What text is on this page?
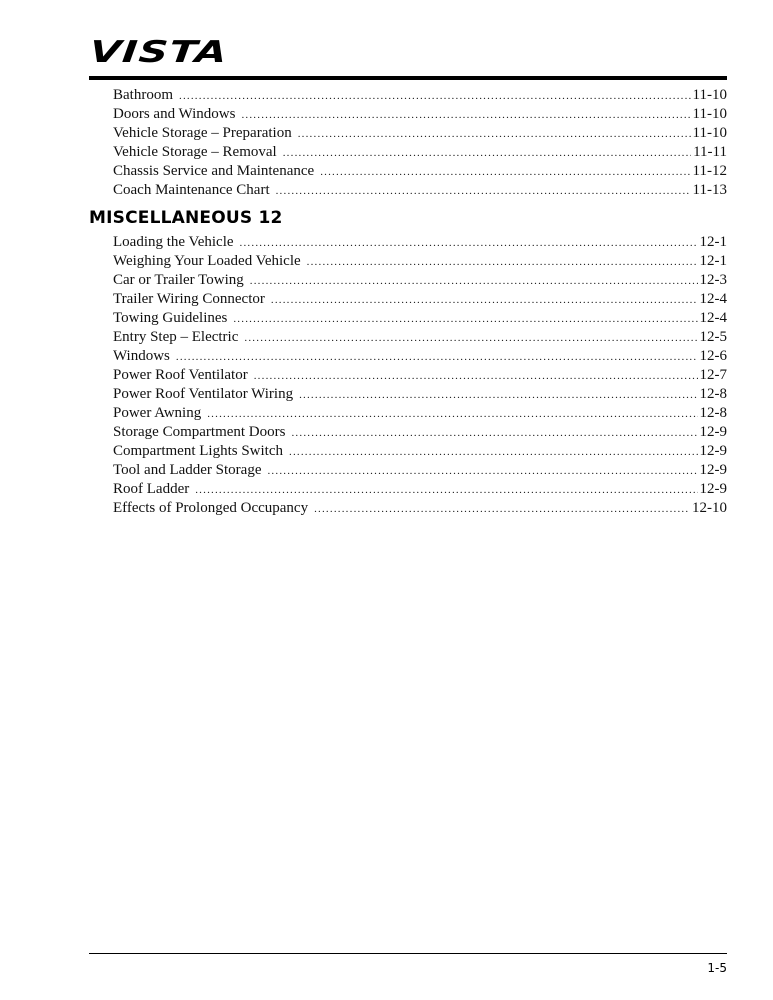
VISTA
Bathroom .....	11-10
Doors and Windows .....	11-10
Vehicle Storage – Preparation .....	11-10
Vehicle Storage – Removal .....	11-11
Chassis Service and Maintenance .....	11-12
Coach Maintenance Chart .....	11-13
MISCELLANEOUS 12
Loading the Vehicle .....	12-1
Weighing Your Loaded Vehicle .....	12-1
Car or Trailer Towing .....	12-3
Trailer Wiring Connector .....	12-4
Towing Guidelines .....	12-4
Entry Step – Electric .....	12-5
Windows .....	12-6
Power Roof Ventilator .....	12-7
Power Roof Ventilator Wiring .....	12-8
Power Awning .....	12-8
Storage Compartment Doors .....	12-9
Compartment Lights Switch .....	12-9
Tool and Ladder Storage .....	12-9
Roof Ladder .....	12-9
Effects of Prolonged Occupancy .....	12-10
1-5
